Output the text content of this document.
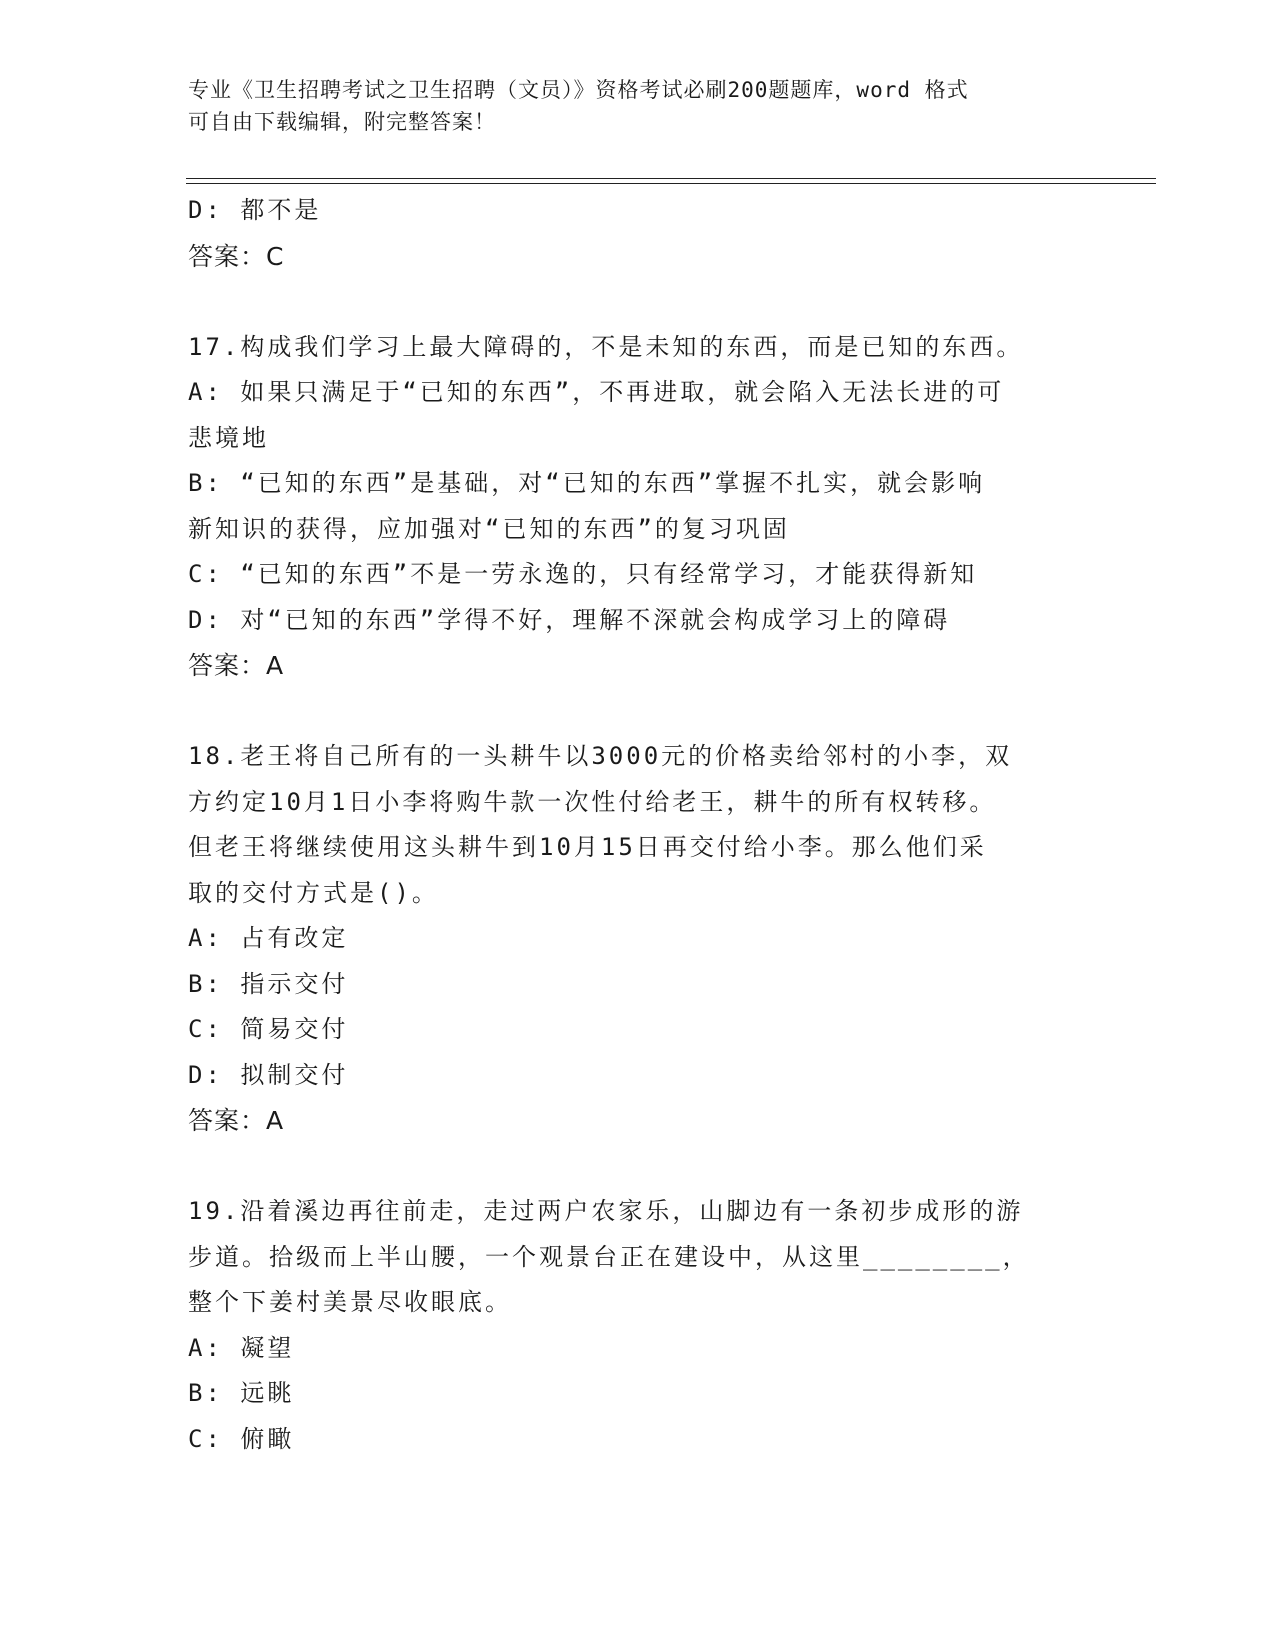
专业《卫生招聘考试之卫生招聘（文员）》资格考试必刷200题题库，word 格式
可自由下载编辑，附完整答案！
D: 都不是
答案：C
17.构成我们学习上最大障碍的，不是未知的东西，而是已知的东西。
A: 如果只满足于“已知的东西”，不再进取，就会陷入无法长进的可
悲境地
B: “已知的东西”是基础，对“已知的东西”掌握不扎实，就会影响
新知识的获得，应加强对“已知的东西”的复习巩固
C: “已知的东西”不是一劳永逸的，只有经常学习，才能获得新知
D: 对“已知的东西”学得不好，理解不深就会构成学习上的障碍
答案：A
18.老王将自己所有的一头耕牛以3000元的价格卖给邻村的小李，双
方约定10月1日小李将购牛款一次性付给老王，耕牛的所有权转移。
但老王将继续使用这头耕牛到10月15日再交付给小李。那么他们采
取的交付方式是()。
A: 占有改定
B: 指示交付
C: 简易交付
D: 拟制交付
答案：A
19.沿着溪边再往前走，走过两户农家乐，山脚边有一条初步成形的游
步道。拾级而上半山腰，一个观景台正在建设中，从这里________，
整个下姜村美景尽收眼底。
A: 凝望
B: 远眺
C: 俯瞰
